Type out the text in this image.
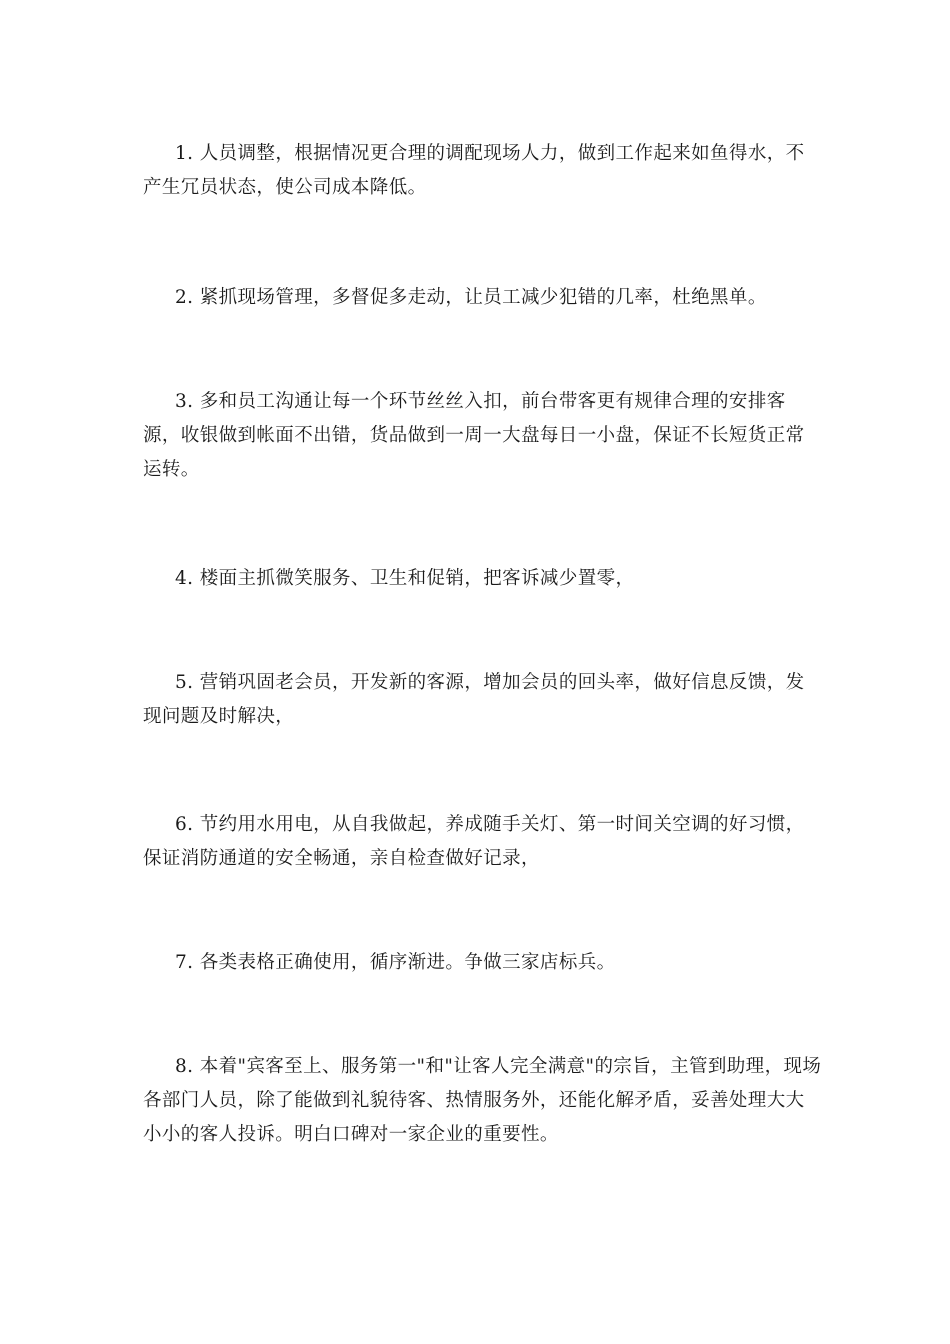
1. 人员调整，根据情况更合理的调配现场人力，做到工作起来如鱼得水，不产生冗员状态，使公司成本降低。

2. 紧抓现场管理，多督促多走动，让员工减少犯错的几率，杜绝黑单。

3. 多和员工沟通让每一个环节丝丝入扣，前台带客更有规律合理的安排客源，收银做到帐面不出错，货品做到一周一大盘每日一小盘，保证不长短货正常运转。

4. 楼面主抓微笑服务、卫生和促销，把客诉减少置零，

5. 营销巩固老会员，开发新的客源，增加会员的回头率，做好信息反馈，发现问题及时解决，

6. 节约用水用电，从自我做起，养成随手关灯、第一时间关空调的好习惯，保证消防通道的安全畅通，亲自检查做好记录，

7. 各类表格正确使用，循序渐进。争做三家店标兵。

8. 本着"宾客至上、服务第一"和"让客人完全满意"的宗旨，主管到助理，现场各部门人员，除了能做到礼貌待客、热情服务外，还能化解矛盾，妥善处理大大小小的客人投诉。明白口碑对一家企业的重要性。
